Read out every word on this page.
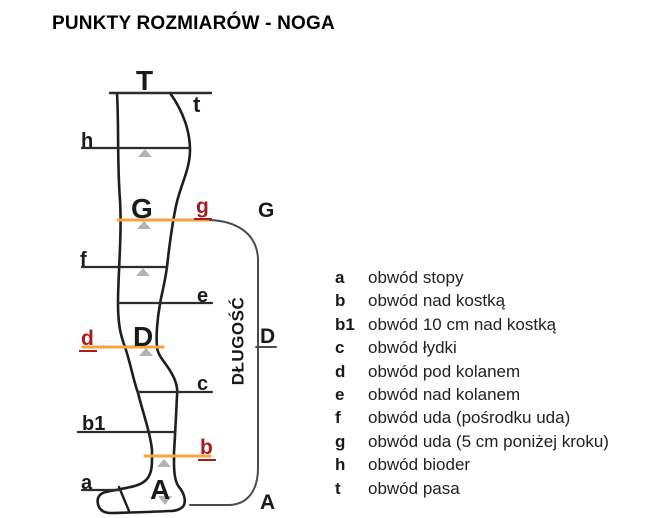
PUNKTY ROZMIARÓW - NOGA
T
t
h
G g G
f
e
d D	D
c
b1
b
a A	A
DŁUGOŚĆ
a	obwód stopy
b	obwód nad kostką
b1 obwód 10 cm nad kostką
c	obwód łydki
d	obwód pod kolanem
e	obwód nad kolanem
f	obwód uda (pośrodku uda)
g	obwód uda (5 cm poniżej kroku)
h	obwód bioder
t	obwód pasa
